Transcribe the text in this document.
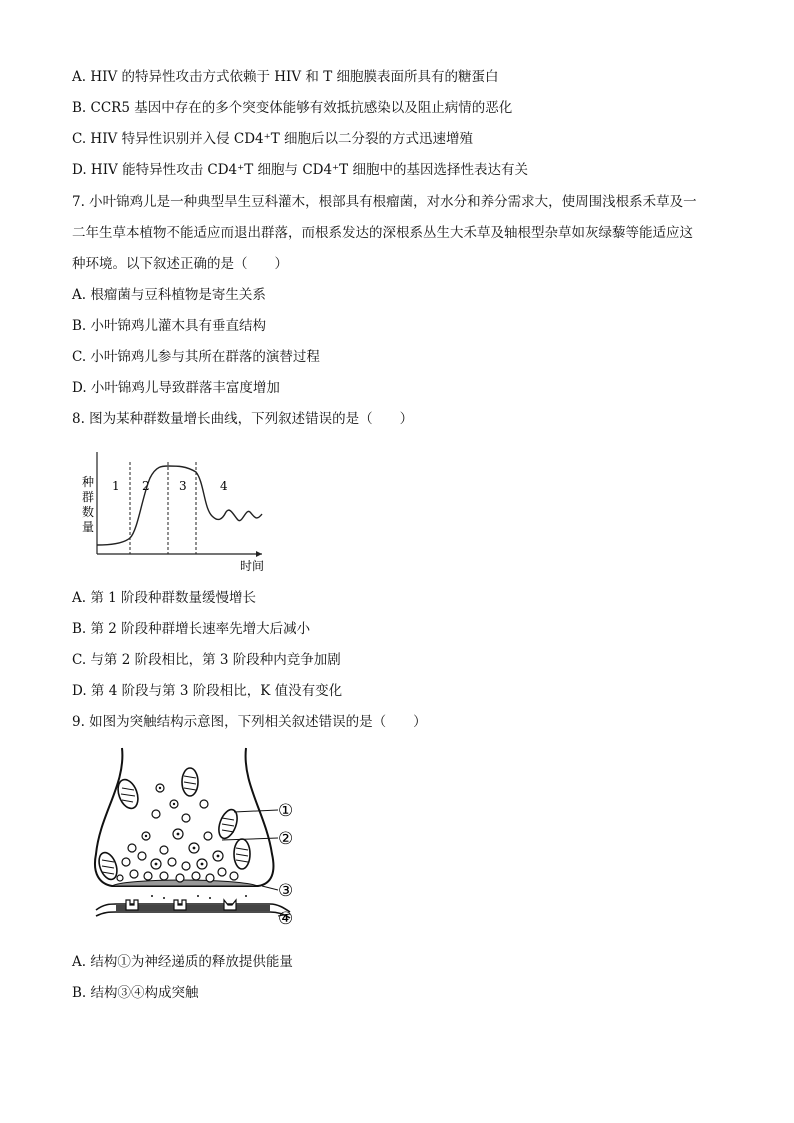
A. HIV 的特异性攻击方式依赖于 HIV 和 T 细胞膜表面所具有的糖蛋白
B. CCR5 基因中存在的多个突变体能够有效抵抗感染以及阻止病情的恶化
C. HIV 特异性识别并入侵 CD4⁺T 细胞后以二分裂的方式迅速增殖
D. HIV 能特异性攻击 CD4⁺T 细胞与 CD4⁺T 细胞中的基因选择性表达有关
7. 小叶锦鸡儿是一种典型旱生豆科灌木，根部具有根瘤菌，对水分和养分需求大，使周围浅根系禾草及一
二年生草本植物不能适应而退出群落，而根系发达的深根系丛生大禾草及轴根型杂草如灰绿藜等能适应这
种环境。以下叙述正确的是（　　）
A. 根瘤菌与豆科植物是寄生关系
B. 小叶锦鸡儿灌木具有垂直结构
C. 小叶锦鸡儿参与其所在群落的演替过程
D. 小叶锦鸡儿导致群落丰富度增加
8. 图为某种群数量增长曲线，下列叙述错误的是（　　）
种
群
数
量
1 2 3	4
时间
A. 第 1 阶段种群数量缓慢增长
B. 第 2 阶段种群增长速率先增大后减小
C. 与第 2 阶段相比，第 3 阶段种内竞争加剧
D. 第 4 阶段与第 3 阶段相比，K 值没有变化
9. 如图为突触结构示意图，下列相关叙述错误的是（　　）
①
②
③
④
A. 结构①为神经递质的释放提供能量
B. 结构③④构成突触
